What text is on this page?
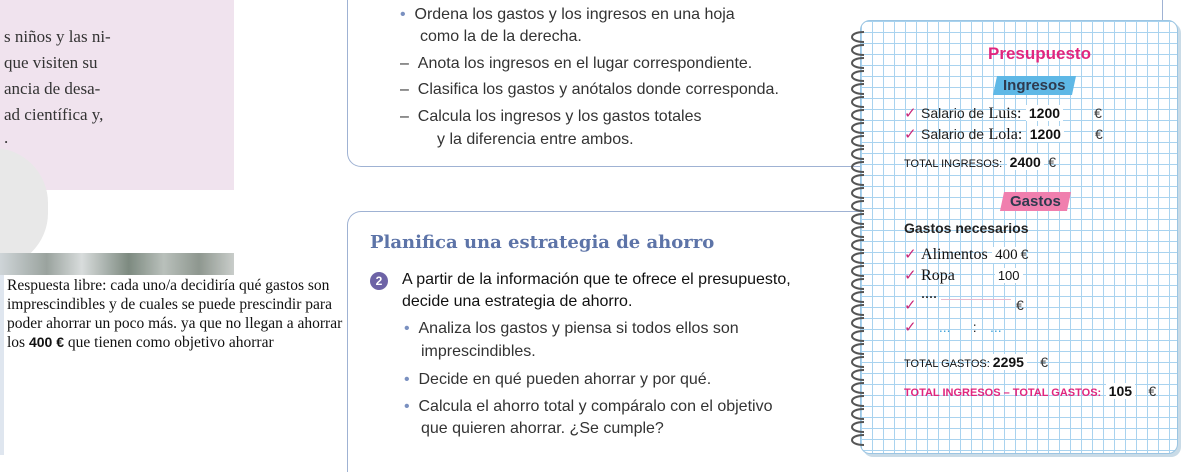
s niños y las ni-
que visiten su
ancia de desa-
ad científica y,
.
Respuesta libre: cada uno/a decidiría qué gastos son imprescindibles y de cuales se puede prescindir para poder ahorrar un poco más. ya que no llegan a ahorrar los 400 € que tienen como objetivo ahorrar
• Ordena los gastos y los ingresos en una hoja
como la de la derecha.
– Anota los ingresos en el lugar correspondiente.
– Clasifica los gastos y anótalos donde corresponda.
– Calcula los ingresos y los gastos totales
y la diferencia entre ambos.
Planifica una estrategia de ahorro
2	A partir de la información que te ofrece el presupuesto,
decide una estrategia de ahorro.
• Analiza los gastos y piensa si todos ellos son
imprescindibles.
• Decide en qué pueden ahorrar y por qué.
• Calcula el ahorro total y compáralo con el objetivo
que quieren ahorrar. ¿Se cumple?
Presupuesto
Ingresos
✓ Salario de Luis: 1200 €
✓ Salario de Lola: 1200 €
TOTAL INGRESOS: 2400 €
Gastos
Gastos necesarios
✓ Alimentos 400 €
✓ Ropa	100
✓ ....  €
✓ ... : ...
TOTAL GASTOS: 2295 €
TOTAL INGRESOS – TOTAL GASTOS: 105 €
